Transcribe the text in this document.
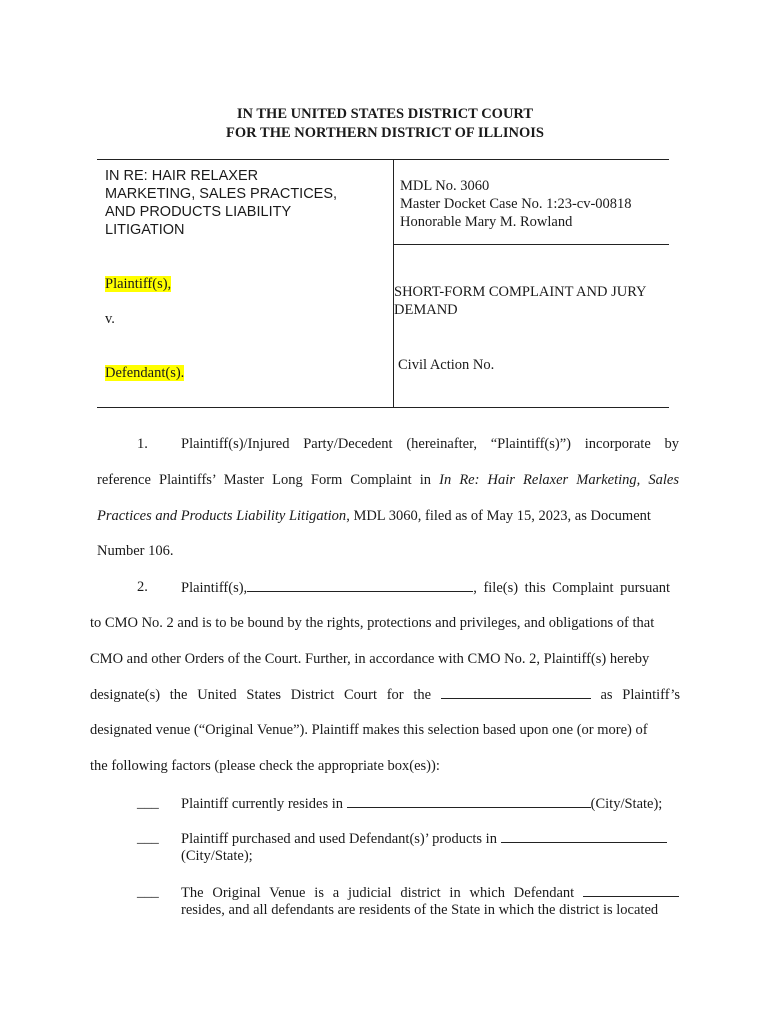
IN THE UNITED STATES DISTRICT COURT
FOR THE NORTHERN DISTRICT OF ILLINOIS
IN RE: HAIR RELAXER
MARKETING, SALES PRACTICES,
AND PRODUCTS LIABILITY
LITIGATION
MDL No. 3060
Master Docket Case No. 1:23-cv-00818
Honorable Mary M. Rowland
Plaintiff(s),
v.
Defendant(s).
SHORT-FORM COMPLAINT AND JURY
DEMAND
Civil Action No.
1. Plaintiff(s)/Injured Party/Decedent (hereinafter, “Plaintiff(s)”) incorporate by
reference Plaintiffs’ Master Long Form Complaint in In Re: Hair Relaxer Marketing, Sales
Practices and Products Liability Litigation, MDL 3060, filed as of May 15, 2023, as Document
Number 106.
2. Plaintiff(s),	, file(s) this Complaint pursuant
to CMO No. 2 and is to be bound by the rights, protections and privileges, and obligations of that
CMO and other Orders of the Court. Further, in accordance with CMO No. 2, Plaintiff(s) hereby
designate(s) the United States District Court for the	as Plaintiff’s
designated venue (“Original Venue”). Plaintiff makes this selection based upon one (or more) of
the following factors (please check the appropriate box(es)):
___ Plaintiff currently resides in	(City/State);
___ Plaintiff purchased and used Defendant(s)’ products in
(City/State);
___ The Original Venue is a judicial district in which Defendant
resides, and all defendants are residents of the State in which the district is located
